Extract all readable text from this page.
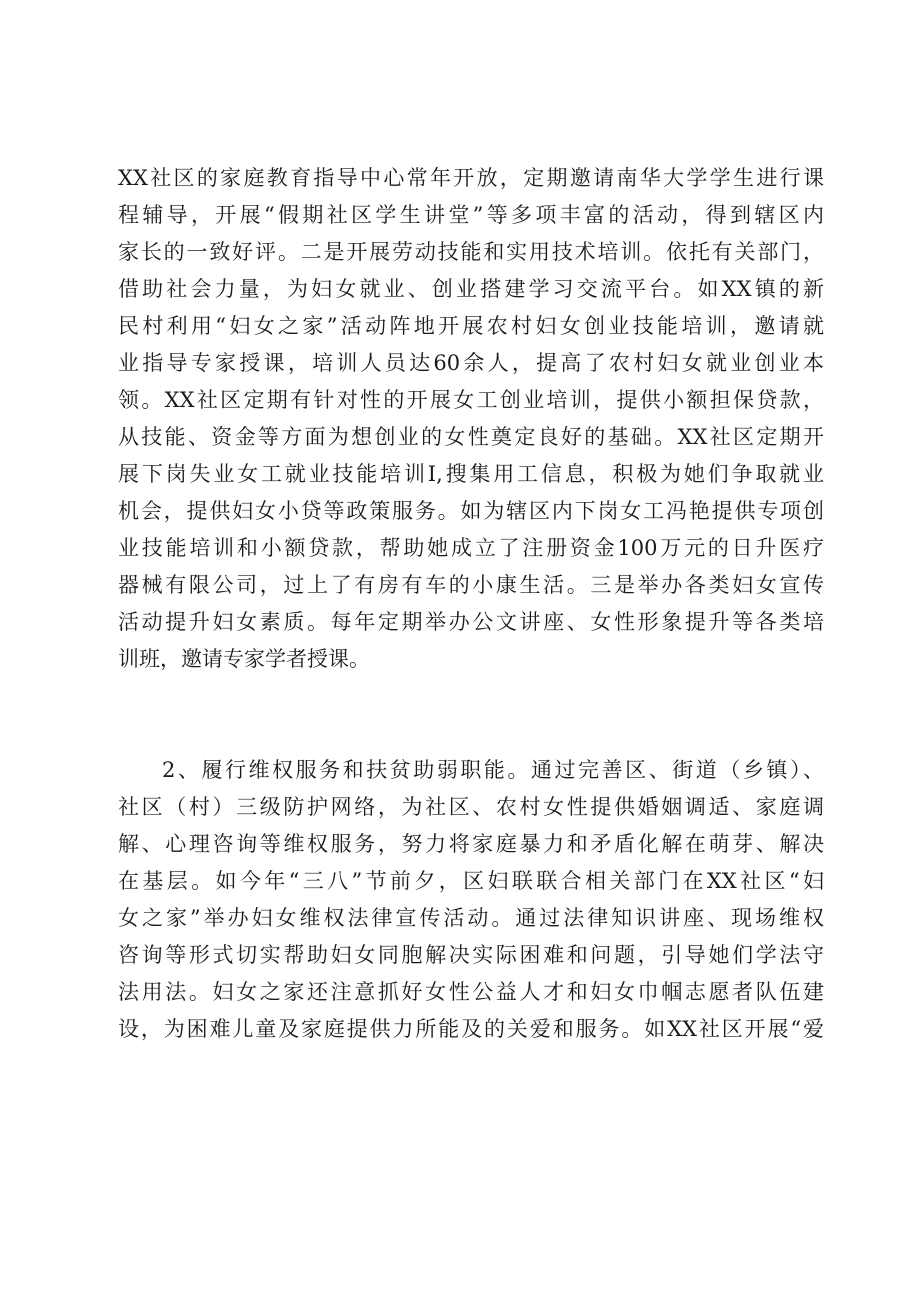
XX社区的家庭教育指导中心常年开放，定期邀请南华大学学生进行课
程辅导，开展“假期社区学生讲堂”等多项丰富的活动，得到辖区内
家长的一致好评。二是开展劳动技能和实用技术培训。依托有关部门，
借助社会力量，为妇女就业、创业搭建学习交流平台。如XX镇的新
民村利用“妇女之家”活动阵地开展农村妇女创业技能培训，邀请就
业指导专家授课，培训人员达60余人，提高了农村妇女就业创业本
领。XX社区定期有针对性的开展女工创业培训，提供小额担保贷款，
从技能、资金等方面为想创业的女性奠定良好的基础。XX社区定期开
展下岗失业女工就业技能培训I,搜集用工信息，积极为她们争取就业
机会，提供妇女小贷等政策服务。如为辖区内下岗女工冯艳提供专项创
业技能培训和小额贷款，帮助她成立了注册资金100万元的日升医疗
器械有限公司，过上了有房有车的小康生活。三是举办各类妇女宣传
活动提升妇女素质。每年定期举办公文讲座、女性形象提升等各类培
训班，邀请专家学者授课。
2、履行维权服务和扶贫助弱职能。通过完善区、街道（乡镇）、
社区（村）三级防护网络，为社区、农村女性提供婚姻调适、家庭调
解、心理咨询等维权服务，努力将家庭暴力和矛盾化解在萌芽、解决
在基层。如今年“三八”节前夕，区妇联联合相关部门在XX社区“妇
女之家”举办妇女维权法律宣传活动。通过法律知识讲座、现场维权
咨询等形式切实帮助妇女同胞解决实际困难和问题，引导她们学法守
法用法。妇女之家还注意抓好女性公益人才和妇女巾帼志愿者队伍建
设，为困难儿童及家庭提供力所能及的关爱和服务。如XX社区开展“爱
